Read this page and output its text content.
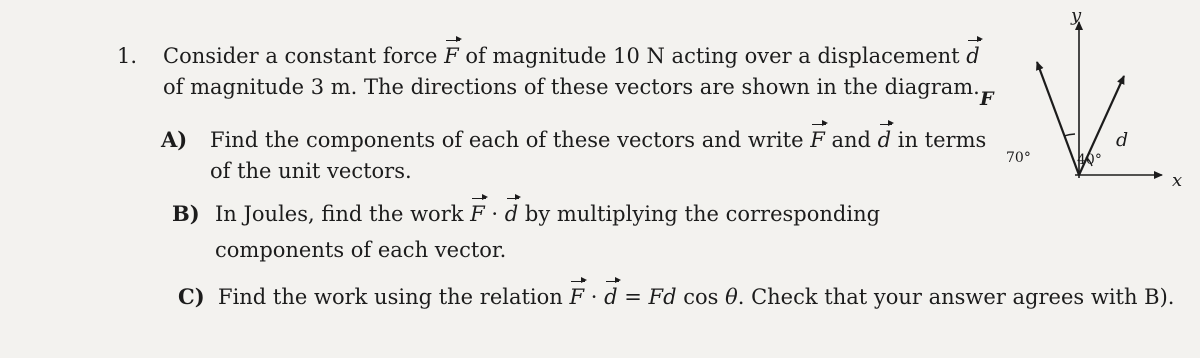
1. Consider a constant force F of magnitude 10 N acting over a displacement d
of magnitude 3 m. The directions of these vectors are shown in the diagram.
A) Find the components of each of these vectors and write F and d in terms
of the unit vectors.
B) In Joules, find the work F · d by multiplying the corresponding
components of each vector.
C) Find the work using the relation F · d = Fd cos θ. Check that your answer agrees with B).
y
x
F
d
70°	40°
